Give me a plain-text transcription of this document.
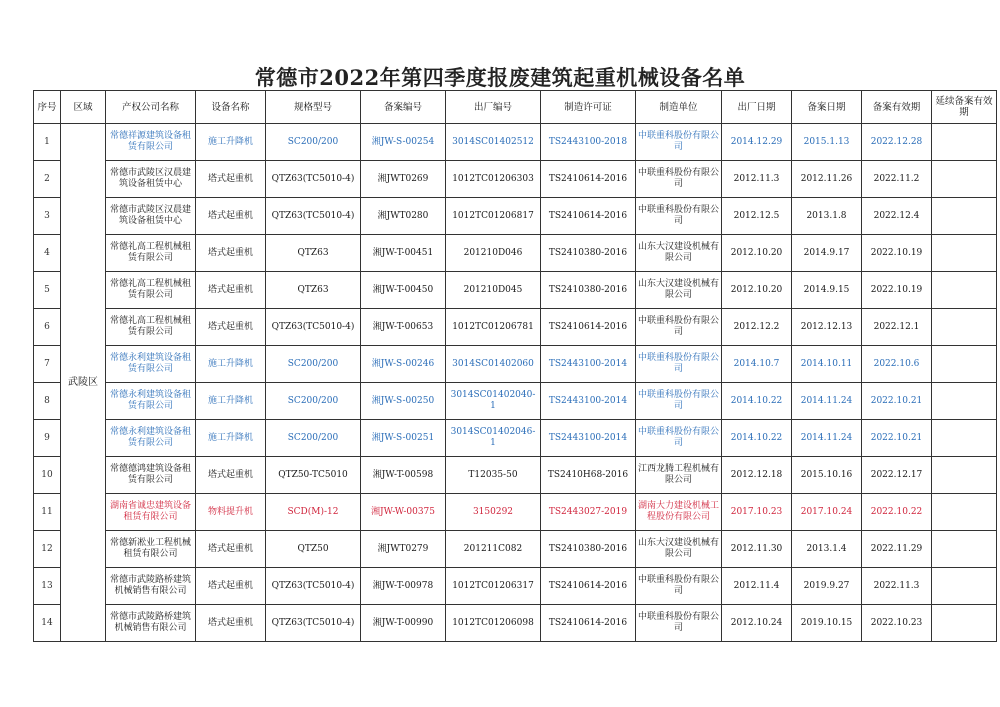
常德市2022年第四季度报废建筑起重机械设备名单
序号	区域	产权公司名称	设备名称	规格型号	备案编号	出厂编号	制造许可证	制造单位	出厂日期	备案日期	备案有效期	延续备案有效期
1	武陵区	常德祥源建筑设备租赁有限公司	施工升降机	SC200/200	湘JW-S-00254	3014SC01402512	TS2443100-2018	中联重科股份有限公司	2014.12.29	2015.1.13	2022.12.28	
2		常德市武陵区汉晨建筑设备租赁中心	塔式起重机	QTZ63(TC5010-4)	湘JWT0269	1012TC01206303	TS2410614-2016	中联重科股份有限公司	2012.11.3	2012.11.26	2022.11.2	
3		常德市武陵区汉晨建筑设备租赁中心	塔式起重机	QTZ63(TC5010-4)	湘JWT0280	1012TC01206817	TS2410614-2016	中联重科股份有限公司	2012.12.5	2013.1.8	2022.12.4	
4		常德礼高工程机械租赁有限公司	塔式起重机	QTZ63	湘JW-T-00451	201210D046	TS2410380-2016	山东大汉建设机械有限公司	2012.10.20	2014.9.17	2022.10.19	
5		常德礼高工程机械租赁有限公司	塔式起重机	QTZ63	湘JW-T-00450	201210D045	TS2410380-2016	山东大汉建设机械有限公司	2012.10.20	2014.9.15	2022.10.19	
6		常德礼高工程机械租赁有限公司	塔式起重机	QTZ63(TC5010-4)	湘JW-T-00653	1012TC01206781	TS2410614-2016	中联重科股份有限公司	2012.12.2	2012.12.13	2022.12.1	
7		常德永利建筑设备租赁有限公司	施工升降机	SC200/200	湘JW-S-00246	3014SC01402060	TS2443100-2014	中联重科股份有限公司	2014.10.7	2014.10.11	2022.10.6	
8		常德永利建筑设备租赁有限公司	施工升降机	SC200/200	湘JW-S-00250	3014SC01402040-1	TS2443100-2014	中联重科股份有限公司	2014.10.22	2014.11.24	2022.10.21	
9		常德永利建筑设备租赁有限公司	施工升降机	SC200/200	湘JW-S-00251	3014SC01402046-1	TS2443100-2014	中联重科股份有限公司	2014.10.22	2014.11.24	2022.10.21	
10		常德德鸿建筑设备租赁有限公司	塔式起重机	QTZ50-TC5010	湘JW-T-00598	T12035-50	TS2410H68-2016	江西龙腾工程机械有限公司	2012.12.18	2015.10.16	2022.12.17	
11		湖南省诚忠建筑设备租赁有限公司	物料提升机	SCD(M)-12	湘JW-W-00375	3150292	TS2443027-2019	湖南大力建设机械工程股份有限公司	2017.10.23	2017.10.24	2022.10.22	
12		常德新凇业工程机械租赁有限公司	塔式起重机	QTZ50	湘JWT0279	201211C082	TS2410380-2016	山东大汉建设机械有限公司	2012.11.30	2013.1.4	2022.11.29	
13		常德市武陵路桥建筑机械销售有限公司	塔式起重机	QTZ63(TC5010-4)	湘JW-T-00978	1012TC01206317	TS2410614-2016	中联重科股份有限公司	2012.11.4	2019.9.27	2022.11.3	
14		常德市武陵路桥建筑机械销售有限公司	塔式起重机	QTZ63(TC5010-4)	湘JW-T-00990	1012TC01206098	TS2410614-2016	中联重科股份有限公司	2012.10.24	2019.10.15	2022.10.23	
